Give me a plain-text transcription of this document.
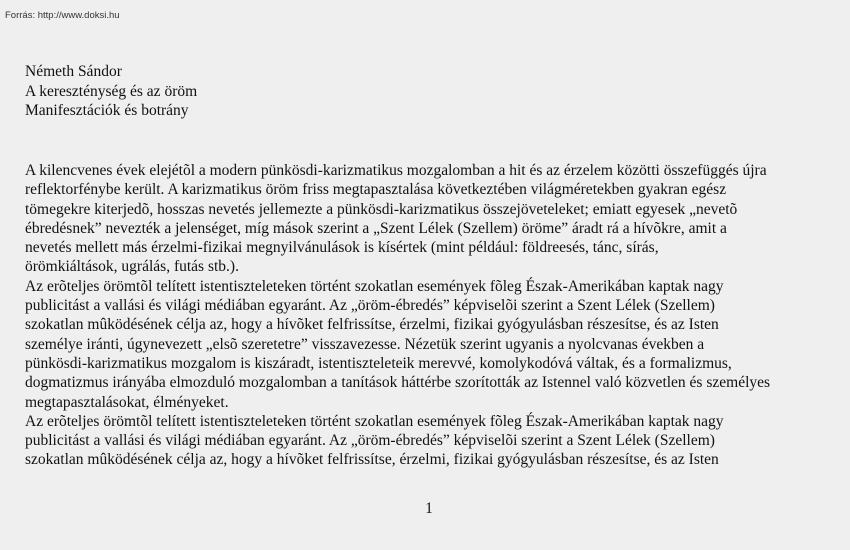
Forrás: http://www.doksi.hu
Németh Sándor
A kereszténység és az öröm
Manifesztációk és botrány
A kilencvenes évek elejétõl a modern pünkösdi-karizmatikus mozgalomban a hit és az érzelem közötti összefüggés újra
reflektorfénybe került. A karizmatikus öröm friss megtapasztalása következtében világméretekben gyakran egész
tömegekre kiterjedõ, hosszas nevetés jellemezte a pünkösdi-karizmatikus összejöveteleket; emiatt egyesek „nevetõ
ébredésnek” nevezték a jelenséget, míg mások szerint a „Szent Lélek (Szellem) öröme” áradt rá a hívõkre, amit a
nevetés mellett más érzelmi-fizikai megnyilvánulások is kísértek (mint például: földreesés, tánc, sírás,
örömkiáltások, ugrálás, futás stb.).
Az erõteljes örömtõl telített istentiszteleteken történt szokatlan események fõleg Észak-Amerikában kaptak nagy
publicitást a vallási és világi médiában egyaránt. Az „öröm-ébredés” képviselõi szerint a Szent Lélek (Szellem)
szokatlan mûködésének célja az, hogy a hívõket felfrissítse, érzelmi, fizikai gyógyulásban részesítse, és az Isten
személye iránti, úgynevezett „elsõ szeretetre” visszavezesse. Nézetük szerint ugyanis a nyolcvanas években a
pünkösdi-karizmatikus mozgalom is kiszáradt, istentiszteleteik merevvé, komolykodóvá váltak, és a formalizmus,
dogmatizmus irányába elmozduló mozgalomban a tanítások háttérbe szorították az Istennel való közvetlen és személyes
megtapasztalásokat, élményeket.
Az erõteljes örömtõl telített istentiszteleteken történt szokatlan események fõleg Észak-Amerikában kaptak nagy
publicitást a vallási és világi médiában egyaránt. Az „öröm-ébredés” képviselõi szerint a Szent Lélek (Szellem)
szokatlan mûködésének célja az, hogy a hívõket felfrissítse, érzelmi, fizikai gyógyulásban részesítse, és az Isten
1
